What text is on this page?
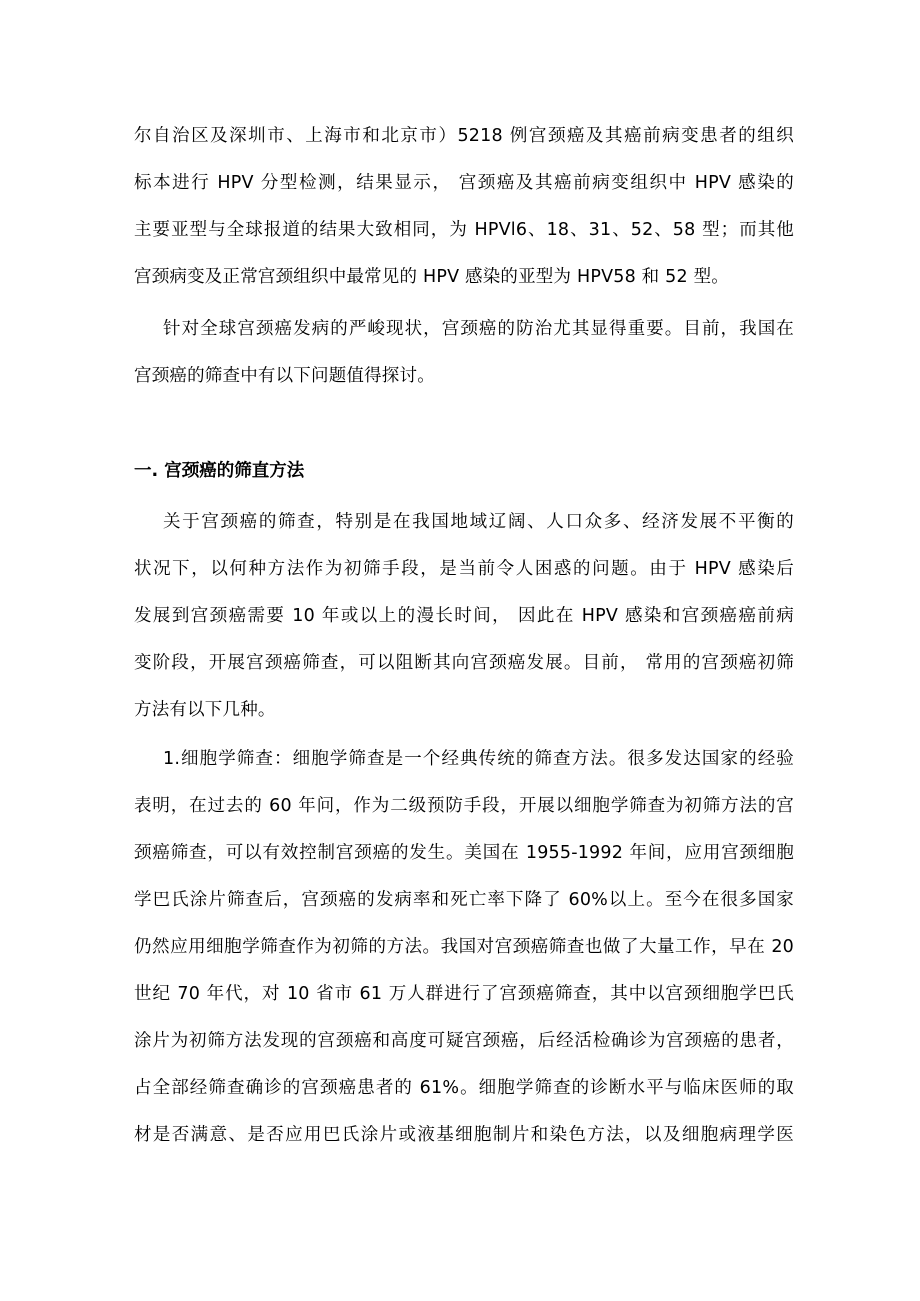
尔自治区及深圳市、上海市和北京市）5218 例宫颈癌及其癌前病变患者的组织
标本进行 HPV 分型检测，结果显示， 宫颈癌及其癌前病变组织中 HPV 感染的
主要亚型与全球报道的结果大致相同，为 HPVl6、18、31、52、58 型；而其他
宫颈病变及正常宫颈组织中最常见的 HPV 感染的亚型为 HPV58 和 52 型。
针对全球宫颈癌发病的严峻现状，宫颈癌的防治尤其显得重要。目前，我国在
宫颈癌的筛查中有以下问题值得探讨。
一. 宫颈癌的筛直方法
关于宫颈癌的筛查，特别是在我国地域辽阔、人口众多、经济发展不平衡的
状况下，以何种方法作为初筛手段，是当前令人困惑的问题。由于 HPV 感染后
发展到宫颈癌需要 10 年或以上的漫长时间， 因此在 HPV 感染和宫颈癌癌前病
变阶段，开展宫颈癌筛查，可以阻断其向宫颈癌发展。目前， 常用的宫颈癌初筛
方法有以下几种。
1.细胞学筛查：细胞学筛查是一个经典传统的筛查方法。很多发达国家的经验
表明，在过去的 60 年问，作为二级预防手段，开展以细胞学筛查为初筛方法的宫
颈癌筛查，可以有效控制宫颈癌的发生。美国在 1955-1992 年间，应用宫颈细胞
学巴氏涂片筛查后，宫颈癌的发病率和死亡率下降了 60%以上。至今在很多国家
仍然应用细胞学筛查作为初筛的方法。我国对宫颈癌筛查也做了大量工作，早在 20
世纪 70 年代，对 10 省市 61 万人群进行了宫颈癌筛查，其中以宫颈细胞学巴氏
涂片为初筛方法发现的宫颈癌和高度可疑宫颈癌，后经活检确诊为宫颈癌的患者，
占全部经筛查确诊的宫颈癌患者的 61%。细胞学筛查的诊断水平与临床医师的取
材是否满意、是否应用巴氏涂片或液基细胞制片和染色方法，以及细胞病理学医
